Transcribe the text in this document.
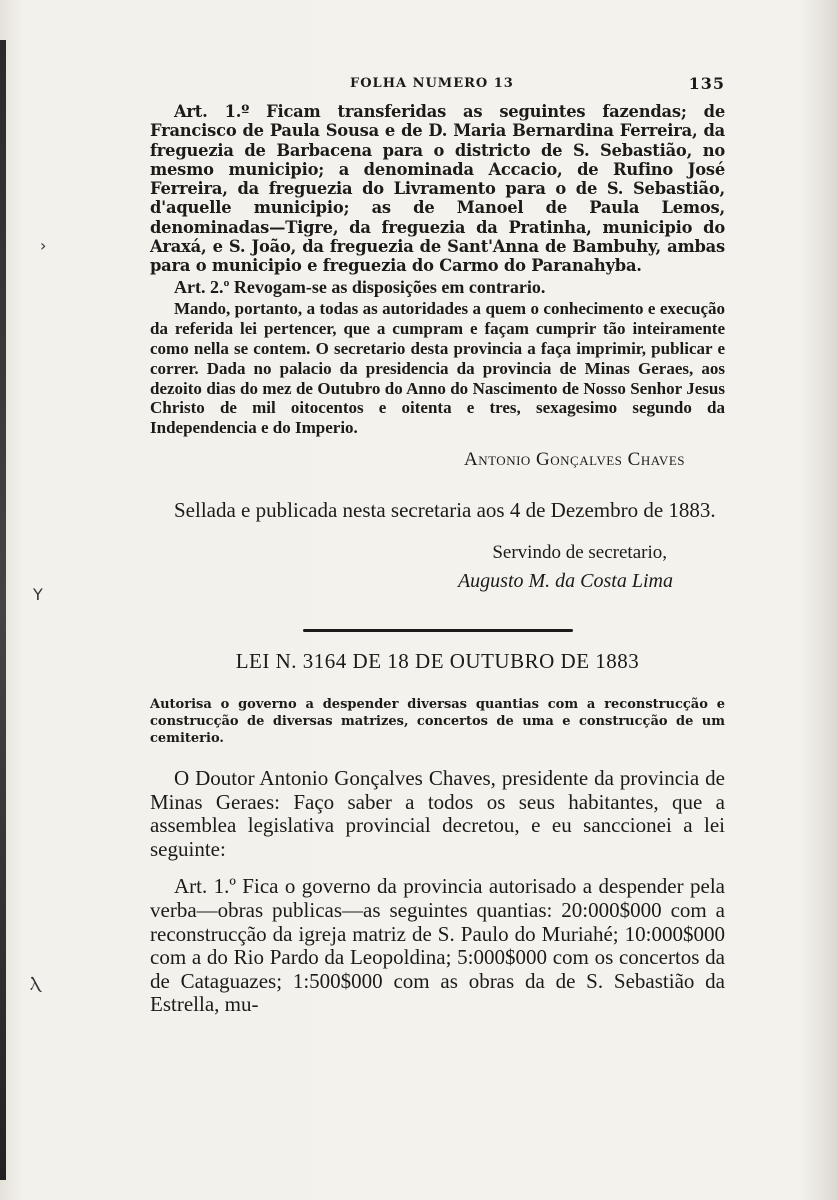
›
Y
Ⲗ
FOLHA NUMERO 13	135

Art. 1.º Ficam transferidas as seguintes fazendas; de Francisco de Paula Sousa e de D. Maria Bernardina Ferreira, da freguezia de Barbacena para o districto de S. Sebastião, no mesmo municipio; a denominada Accacio, de Rufino José Ferreira, da freguezia do Livramento para o de S. Sebastião, d'aquelle municipio; as de Manoel de Paula Lemos, denominadas—Tigre, da freguezia da Pratinha, municipio do Araxá, e S. João, da freguezia de Sant'Anna de Bambuhy, ambas para o municipio e freguezia do Carmo do Paranahyba.

Art. 2.º Revogam-se as disposições em contrario.

Mando, portanto, a todas as autoridades a quem o conhecimento e execução da referida lei pertencer, que a cumpram e façam cumprir tão inteiramente como nella se contem. O secretario desta provincia a faça imprimir, publicar e correr. Dada no palacio da presidencia da provincia de Minas Geraes, aos dezoito dias do mez de Outubro do Anno do Nascimento de Nosso Senhor Jesus Christo de mil oitocentos e oitenta e tres, sexagesimo segundo da Independencia e do Imperio.

Antonio Gonçalves Chaves

Sellada e publicada nesta secretaria aos 4 de Dezembro de 1883.

Servindo de secretario,
Augusto M. da Costa Lima
LEI N. 3164 DE 18 DE OUTUBRO DE 1883

Autorisa o governo a despender diversas quantias com a reconstrucção e construcção de diversas matrizes, concertos de uma e construcção de um cemiterio.

O Doutor Antonio Gonçalves Chaves, presidente da provincia de Minas Geraes: Faço saber a todos os seus habitantes, que a assemblea legislativa provincial decretou, e eu sanccionei a lei seguinte:

Art. 1.º Fica o governo da provincia autorisado a despender pela verba—obras publicas—as seguintes quantias: 20:000$000 com a reconstrucção da igreja matriz de S. Paulo do Muriahé; 10:000$000 com a do Rio Pardo da Leopoldina; 5:000$000 com os concertos da de Cataguazes; 1:500$000 com as obras da de S. Sebastião da Estrella, mu-
